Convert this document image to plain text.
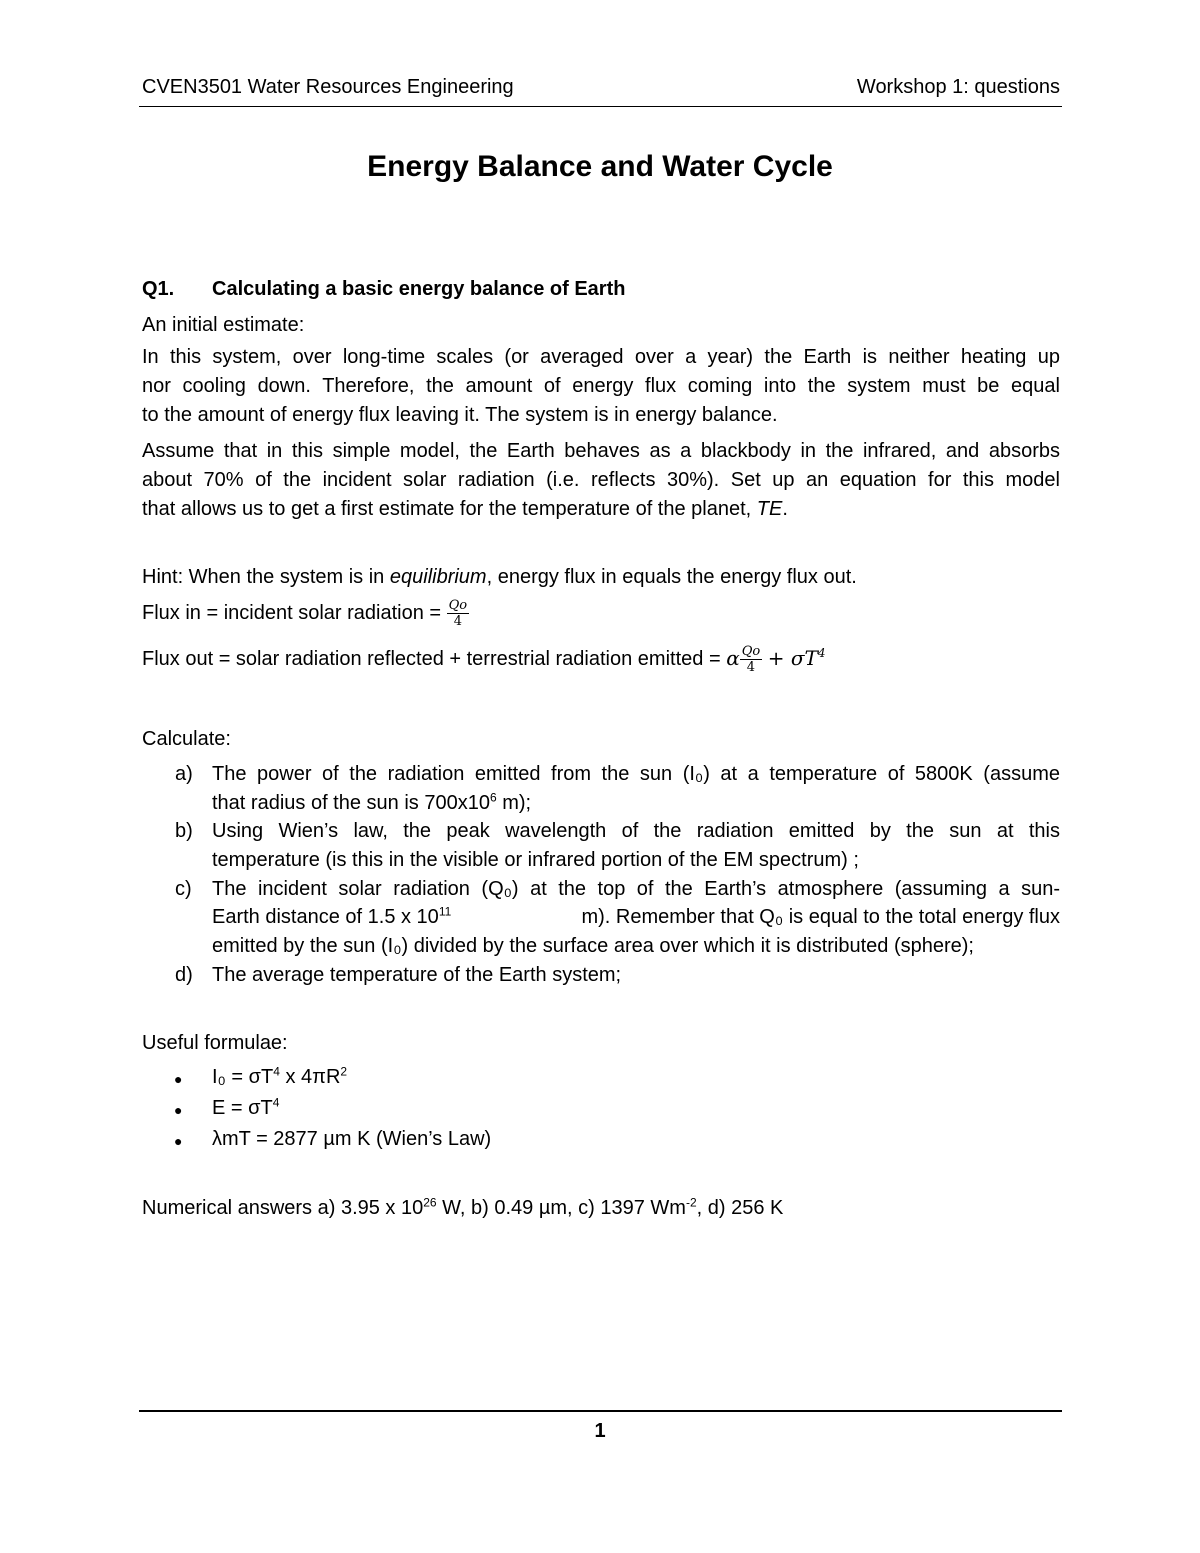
CVEN3501 Water Resources Engineering	Workshop 1: questions
Energy Balance and Water Cycle
Q1. Calculating a basic energy balance of Earth
An initial estimate:
In this system, over long-time scales (or averaged over a year) the Earth is neither heating up
nor cooling down. Therefore, the amount of energy flux coming into the system must be equal
to the amount of energy flux leaving it. The system is in energy balance.
Assume that in this simple model, the Earth behaves as a blackbody in the infrared, and absorbs
about 70% of the incident solar radiation (i.e. reflects 30%). Set up an equation for this model
that allows us to get a first estimate for the temperature of the planet, TE.
Hint: When the system is in equilibrium, energy flux in equals the energy flux out.
Flux in = incident solar radiation = $\frac{Qo}{4}$
Flux out = solar radiation reflected + terrestrial radiation emitted = α $\frac{Qo}{4} + \sigma T^4$
Calculate:
a) The power of the radiation emitted from the sun (I₀) at a temperature of 5800K (assume
that radius of the sun is $700x10^6$ m);
b) Using Wien’s law, the peak wavelength of the radiation emitted by the sun at this
temperature (is this in the visible or infrared portion of the EM spectrum) ;
c) The incident solar radiation (Q₀) at the top of the Earth’s atmosphere (assuming a sun-
Earth distance of 1.5 x $10^{11}$	m). Remember that Q₀ is equal to the total energy flux
emitted by the sun (I₀) divided by the surface area over which it is distributed (sphere);
d) The average temperature of the Earth system;
Useful formulae:
● $I_0 = \sigma T^4$ x $4\pi R^2$
● $E = \sigma T^4$
● λmT = 2877 µm K (Wien’s Law)
Numerical answers a) 3.95 x $10^{26}$ W, b) 0.49 µm, c) 1397 $Wm^{-2}$, d) 256 K
1
